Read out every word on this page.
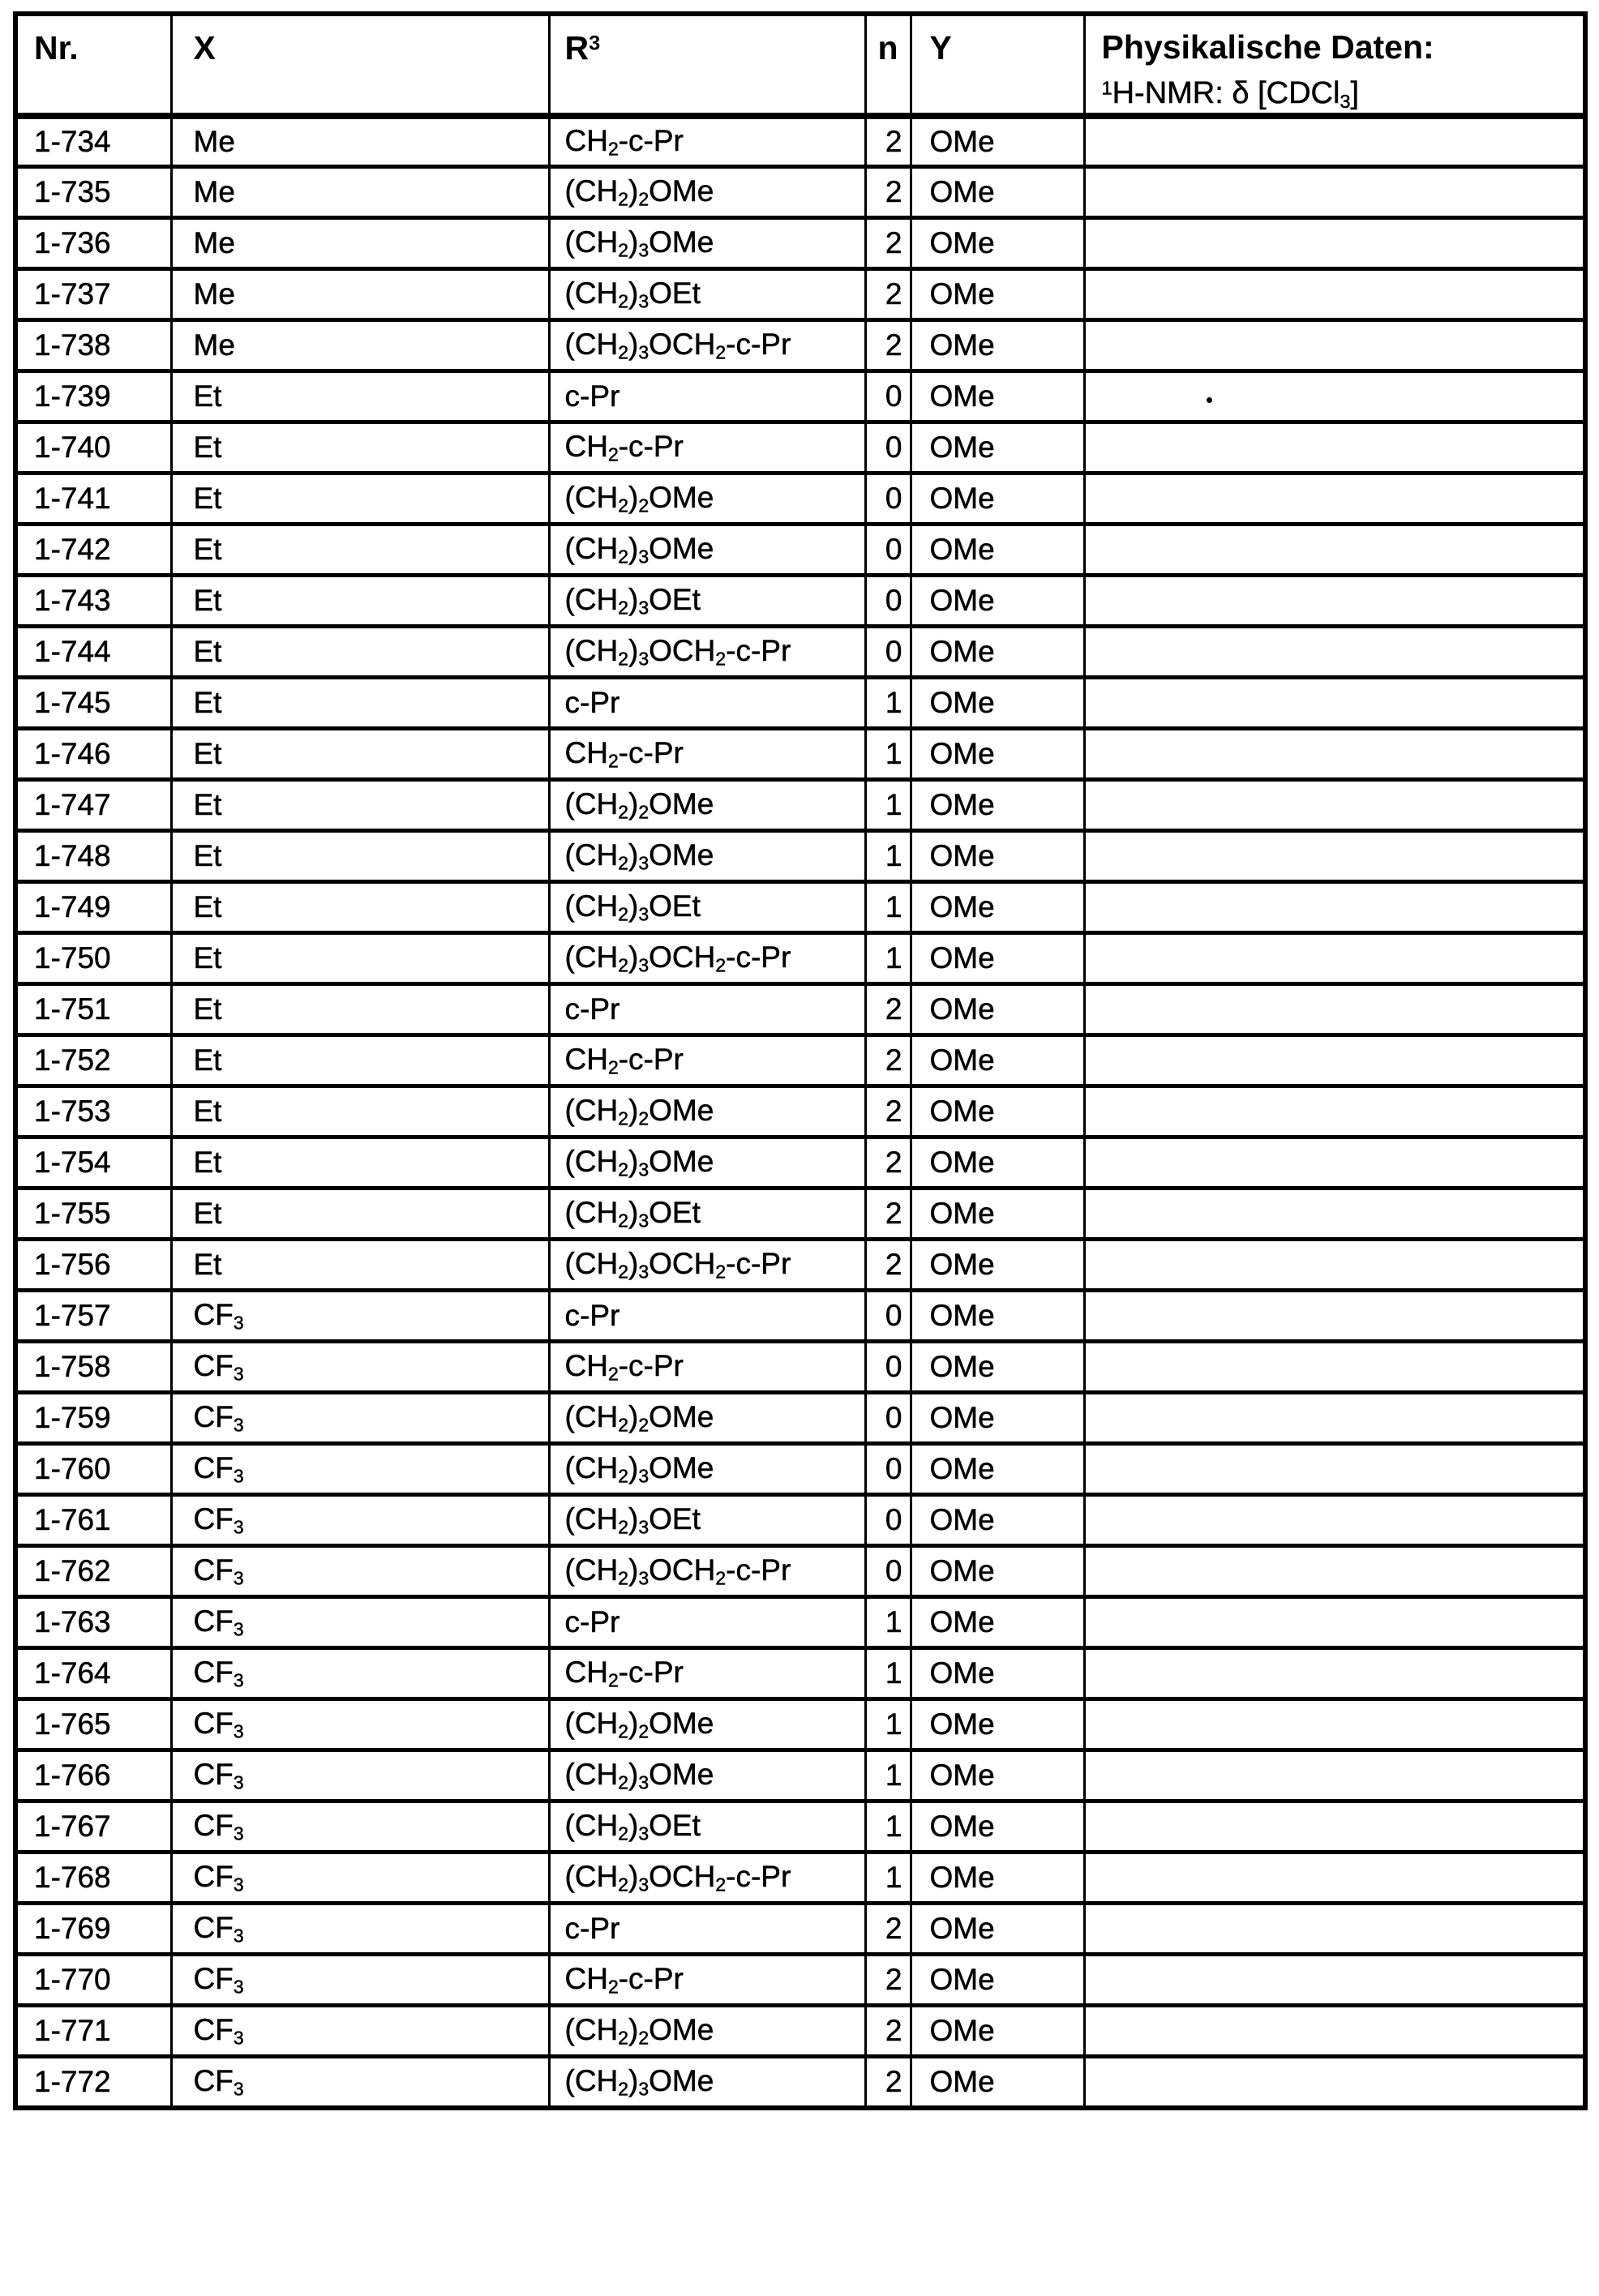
Nr.	X	$R^3$	n	Y	Physikalische Daten:
$^1$H-NMR: δ [CDCl$_3$]

1-734	Me	$CH_2-c-Pr$	2	OMe	
1-735	Me	$(CH_2)_2OMe$	2	OMe	
1-736	Me	$(CH_2)_3OMe$	2	OMe	
1-737	Me	$(CH_2)_3OEt$	2	OMe	
1-738	Me	$(CH_2)_3OCH_2-c-Pr$	2	OMe	
1-739	Et	c-Pr	0	OMe	
1-740	Et	$CH_2-c-Pr$	0	OMe	
1-741	Et	$(CH_2)_2OMe$	0	OMe	
1-742	Et	$(CH_2)_3OMe$	0	OMe	
1-743	Et	$(CH_2)_3OEt$	0	OMe	
1-744	Et	$(CH_2)_3OCH_2-c-Pr$	0	OMe	
1-745	Et	c-Pr	1	OMe	
1-746	Et	$CH_2-c-Pr$	1	OMe	
1-747	Et	$(CH_2)_2OMe$	1	OMe	
1-748	Et	$(CH_2)_3OMe$	1	OMe	
1-749	Et	$(CH_2)_3OEt$	1	OMe	
1-750	Et	$(CH_2)_3OCH_2-c-Pr$	1	OMe	
1-751	Et	c-Pr	2	OMe	
1-752	Et	$CH_2-c-Pr$	2	OMe	
1-753	Et	$(CH_2)_2OMe$	2	OMe	
1-754	Et	$(CH_2)_3OMe$	2	OMe	
1-755	Et	$(CH_2)_3OEt$	2	OMe	
1-756	Et	$(CH_2)_3OCH_2-c-Pr$	2	OMe	
1-757	$CF_3$	c-Pr	0	OMe	
1-758	$CF_3$	$CH_2-c-Pr$	0	OMe	
1-759	$CF_3$	$(CH_2)_2OMe$	0	OMe	
1-760	$CF_3$	$(CH_2)_3OMe$	0	OMe	
1-761	$CF_3$	$(CH_2)_3OEt$	0	OMe	
1-762	$CF_3$	$(CH_2)_3OCH_2-c-Pr$	0	OMe	
1-763	$CF_3$	c-Pr	1	OMe	
1-764	$CF_3$	$CH_2-c-Pr$	1	OMe	
1-765	$CF_3$	$(CH_2)_2OMe$	1	OMe	
1-766	$CF_3$	$(CH_2)_3OMe$	1	OMe	
1-767	$CF_3$	$(CH_2)_3OEt$	1	OMe	
1-768	$CF_3$	$(CH_2)_3OCH_2-c-Pr$	1	OMe	
1-769	$CF_3$	c-Pr	2	OMe	
1-770	$CF_3$	$CH_2-c-Pr$	2	OMe	
1-771	$CF_3$	$(CH_2)_2OMe$	2	OMe	
1-772	$CF_3$	$(CH_2)_3OMe$	2	OMe	
